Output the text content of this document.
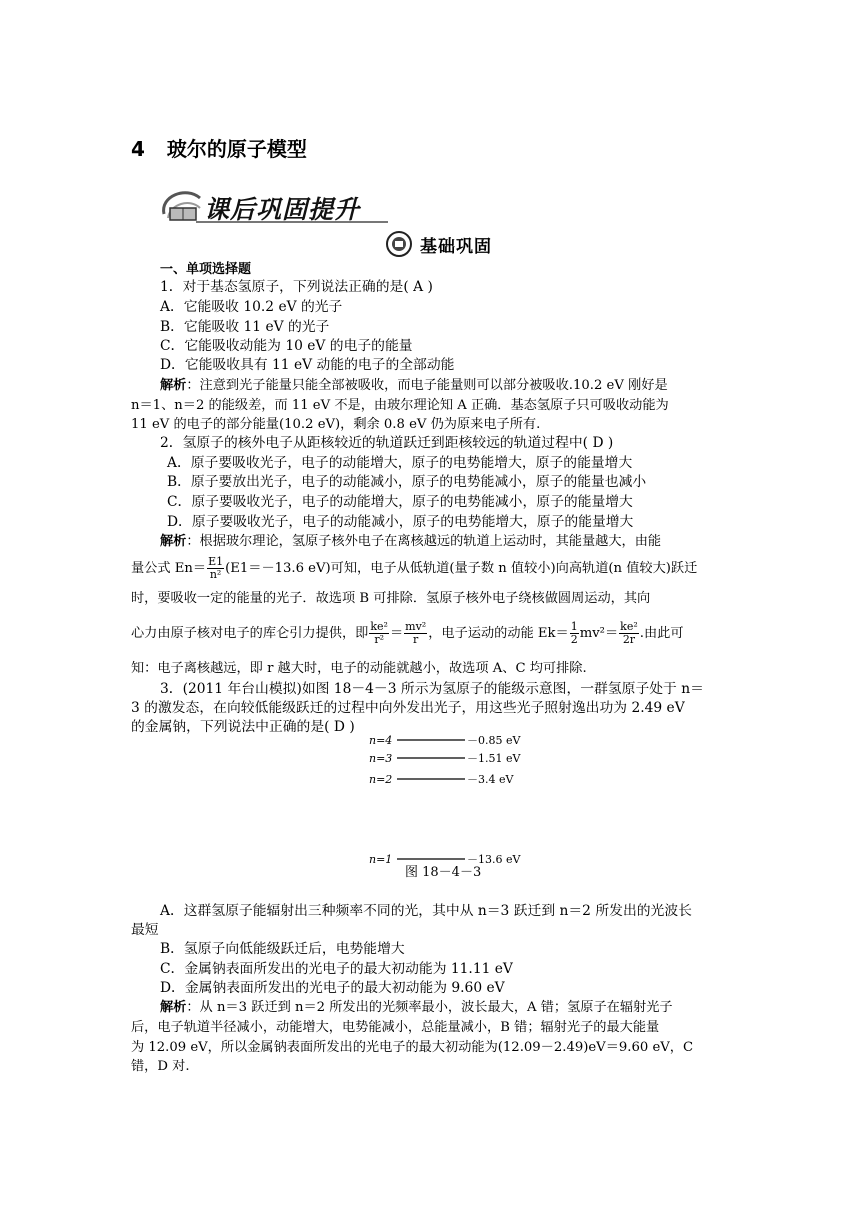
4 玻尔的原子模型
课后巩固提升
基础巩固
一、单项选择题
1．对于基态氢原子，下列说法正确的是( A )
A．它能吸收 10.2 eV 的光子
B．它能吸收 11 eV 的光子
C．它能吸收动能为 10 eV 的电子的能量
D．它能吸收具有 11 eV 动能的电子的全部动能
解析：注意到光子能量只能全部被吸收，而电子能量则可以部分被吸收.10.2 eV 刚好是
n＝1、n＝2 的能级差，而 11 eV 不是，由玻尔理论知 A 正确．基态氢原子只可吸收动能为
11 eV 的电子的部分能量(10.2 eV)，剩余 0.8 eV 仍为原来电子所有.
2．氢原子的核外电子从距核较近的轨道跃迁到距核较远的轨道过程中( D )
A．原子要吸收光子，电子的动能增大，原子的电势能增大，原子的能量增大
B．原子要放出光子，电子的动能减小，原子的电势能减小，原子的能量也减小
C．原子要吸收光子，电子的动能增大，原子的电势能减小，原子的能量增大
D．原子要吸收光子，电子的动能减小，原子的电势能增大，原子的能量增大
解析：根据玻尔理论，氢原子核外电子在离核越远的轨道上运动时，其能量越大，由能
量公式 $En= \frac{E1}{\text{n²}} (E1=-13.6$ eV)可知，电子从低轨道(量子数 n 值较小)向高轨道(n 值较大)跃迁
时，要吸收一定的能量的光子．故选项 B 可排除．氢原子核外电子绕核做圆周运动，其向
心力由原子核对电子的库仑引力提供，即 $\frac{\text{ke²}}{\text{r²}} = \frac{\text{mv²}}{r}$ ，电子运动的动能 $Ek= \frac{1}{2} mv^2= \frac{\text{ke²}}{2r}$ .由此可
知：电子离核越远，即 r 越大时，电子的动能就越小，故选项 A、C 均可排除.
3．(2011 年台山模拟)如图 18－4－3 所示为氢原子的能级示意图，一群氢原子处于 n＝
3 的激发态，在向较低能级跃迁的过程中向外发出光子，用这些光子照射逸出功为 2.49 eV
的金属钠，下列说法中正确的是( D )
n=4	－0.85 eV
n=3	－1.51 eV
n=2	－3.4 eV
n=1	－13.6 eV
图 18－4－3
A．这群氢原子能辐射出三种频率不同的光，其中从 n＝3 跃迁到 n＝2 所发出的光波长
最短
B．氢原子向低能级跃迁后，电势能增大
C．金属钠表面所发出的光电子的最大初动能为 11.11 eV
D．金属钠表面所发出的光电子的最大初动能为 9.60 eV
解析：从 n＝3 跃迁到 n＝2 所发出的光频率最小，波长最大，A 错；氢原子在辐射光子
后，电子轨道半径减小，动能增大，电势能减小，总能量减小，B 错；辐射光子的最大能量
为 12.09 eV，所以金属钠表面所发出的光电子的最大初动能为(12.09－2.49)eV＝9.60 eV，C
错，D 对.
